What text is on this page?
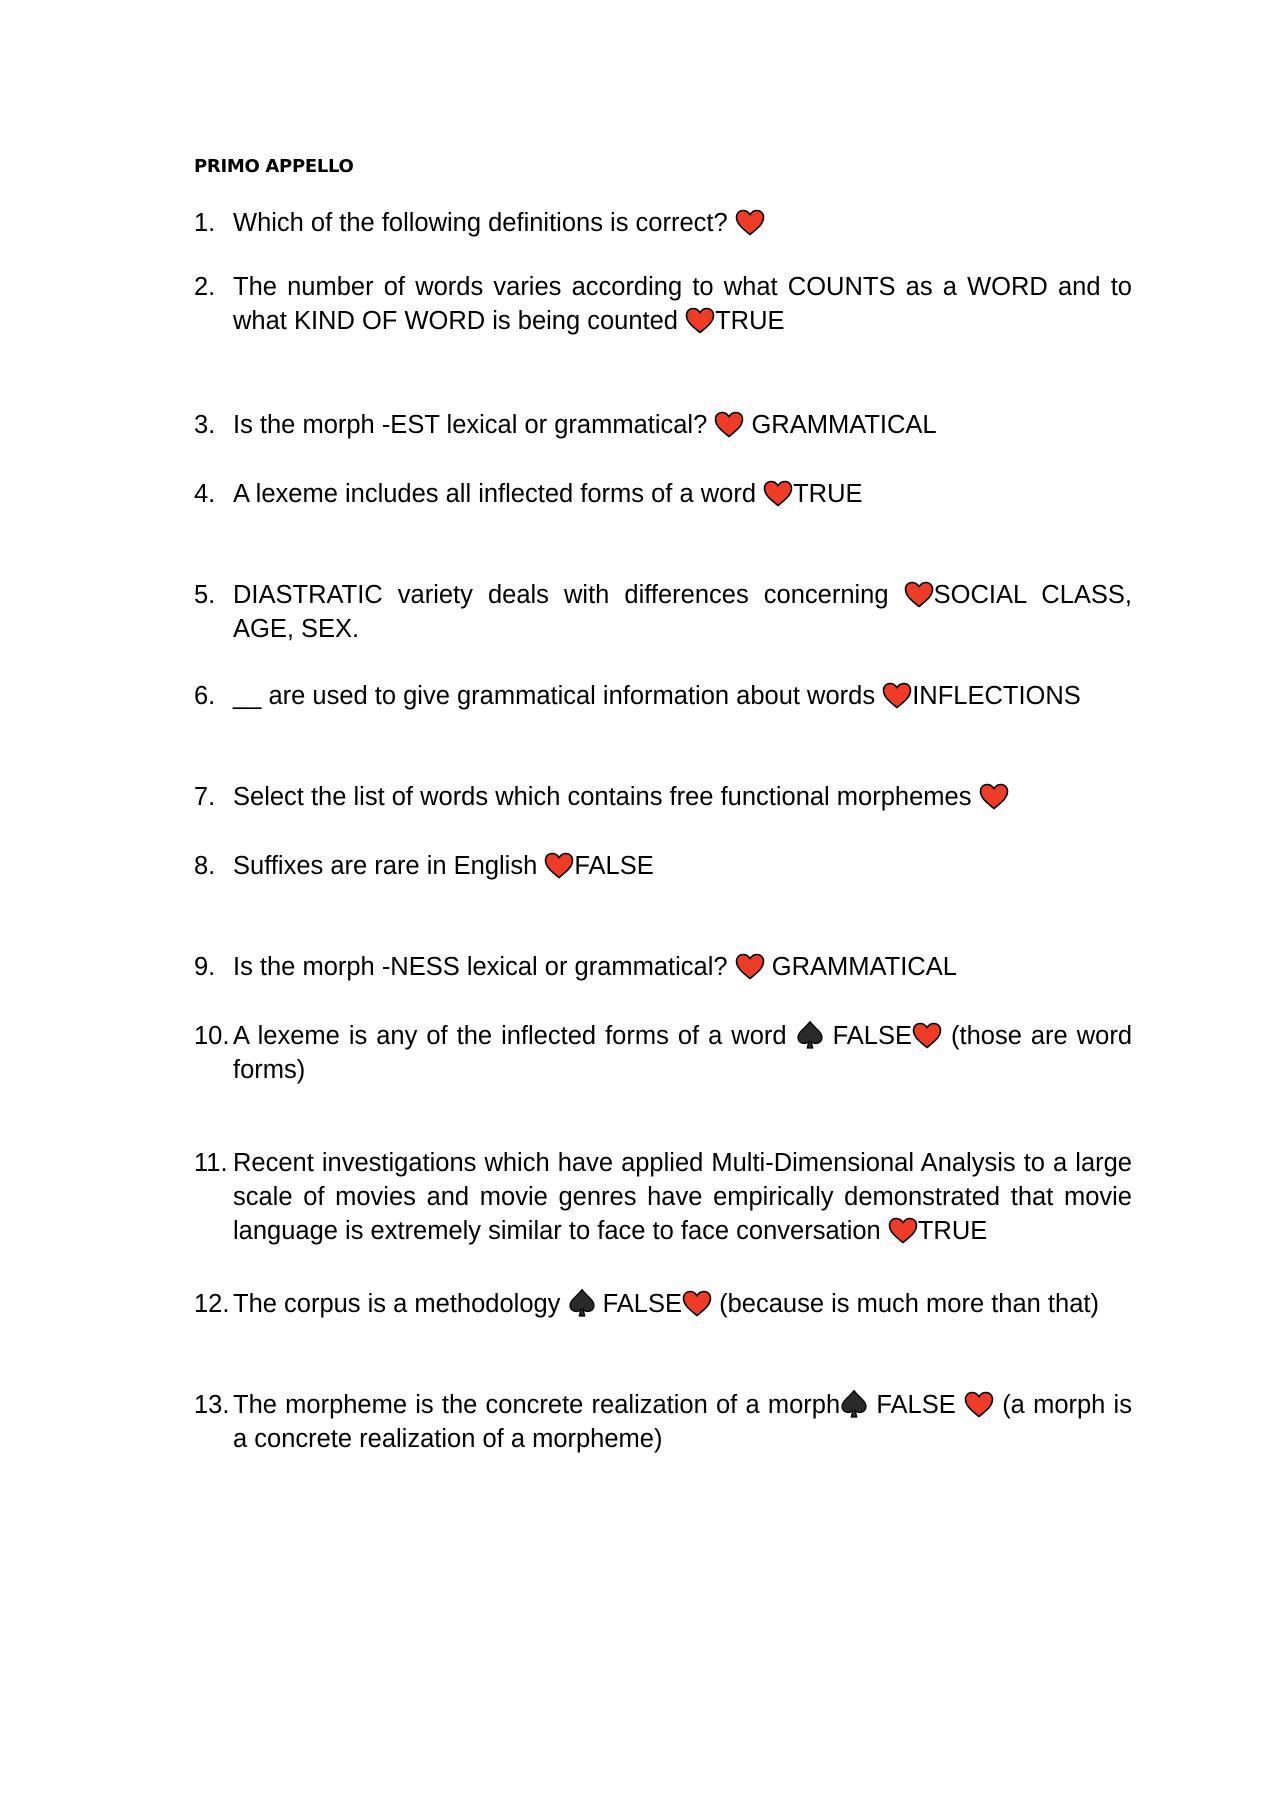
PRIMO APPELLO
1. Which of the following definitions is correct?
2. The number of words varies according to what COUNTS as a WORD and to what KIND OF WORD is being counted TRUE
3. Is the morph -EST lexical or grammatical? GRAMMATICAL
4. A lexeme includes all inflected forms of a word TRUE
5. DIASTRATIC variety deals with differences concerning SOCIAL CLASS, AGE, SEX.
6. __ are used to give grammatical information about words INFLECTIONS
7. Select the list of words which contains free functional morphemes
8. Suffixes are rare in English FALSE
9. Is the morph -NESS lexical or grammatical? GRAMMATICAL
10. A lexeme is any of the inflected forms of a word FALSE (those are word forms)
11. Recent investigations which have applied Multi-Dimensional Analysis to a large scale of movies and movie genres have empirically demonstrated that movie language is extremely similar to face to face conversation TRUE
12. The corpus is a methodology FALSE (because is much more than that)
13. The morpheme is the concrete realization of a morph FALSE (a morph is a concrete realization of a morpheme)
